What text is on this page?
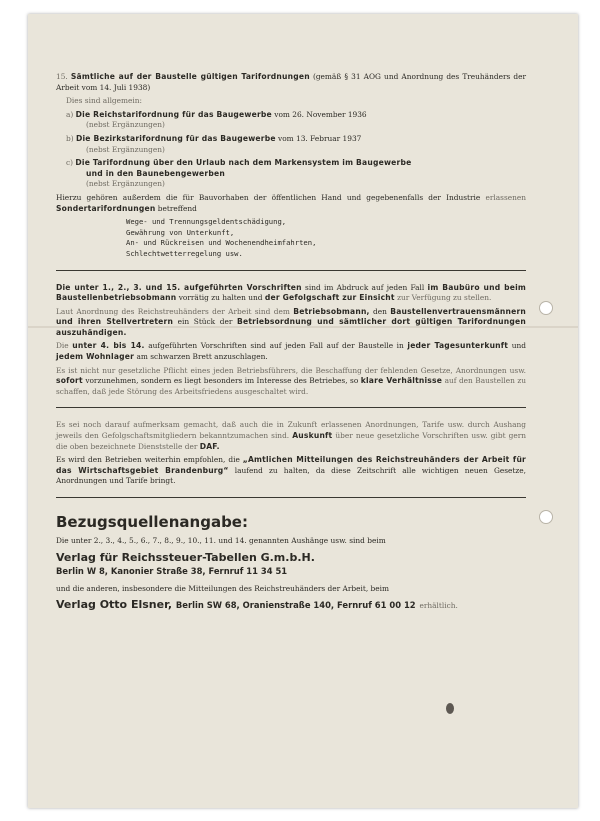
15. Sämtliche auf der Baustelle gültigen Tarifordnungen (gemäß § 31 AOG und Anordnung des Treuhänders der Arbeit vom 14. Juli 1938)

Dies sind allgemein:

a) Die Reichstarifordnung für das Baugewerbe vom 26. November 1936
(nebst Ergänzungen)

b) Die Bezirkstarifordnung für das Baugewerbe vom 13. Februar 1937
(nebst Ergänzungen)

c) Die Tarifordnung über den Urlaub nach dem Markensystem im Baugewerbe
und in den Baunebengewerben
(nebst Ergänzungen)

Hierzu gehören außerdem die für Bauvorhaben der öffentlichen Hand und gegebenenfalls der Industrie erlassenen Sondertarifordnungen betreffend

Wege- und Trennungsgeldentschädigung,
Gewährung von Unterkunft,
An- und Rückreisen und Wochenendheimfahrten,
Schlechtwetterregelung usw.

Die unter 1., 2., 3. und 15. aufgeführten Vorschriften sind im Abdruck auf jeden Fall im Baubüro und beim Baustellenbetriebsobmann vorrätig zu halten und der Gefolgschaft zur Einsicht zur Verfügung zu stellen.

Laut Anordnung des Reichstreuhänders der Arbeit sind dem Betriebsobmann, den Baustellenvertrauensmännern und ihren Stellvertretern ein Stück der Betriebsordnung und sämtlicher dort gültigen Tarifordnungen auszuhändigen.

Die unter 4. bis 14. aufgeführten Vorschriften sind auf jeden Fall auf der Baustelle in jeder Tagesunterkunft und jedem Wohnlager am schwarzen Brett anzuschlagen.

Es ist nicht nur gesetzliche Pflicht eines jeden Betriebsführers, die Beschaffung der fehlenden Gesetze, Anordnungen usw. sofort vorzunehmen, sondern es liegt besonders im Interesse des Betriebes, so klare Verhältnisse auf den Baustellen zu schaffen, daß jede Störung des Arbeitsfriedens ausgeschaltet wird.

Es sei noch darauf aufmerksam gemacht, daß auch die in Zukunft erlassenen Anordnungen, Tarife usw. durch Aushang jeweils den Gefolgschaftsmitgliedern bekanntzumachen sind. Auskunft über neue gesetzliche Vorschriften usw. gibt gern die oben bezeichnete Dienststelle der DAF.

Es wird den Betrieben weiterhin empfohlen, die „Amtlichen Mitteilungen des Reichstreuhänders der Arbeit für das Wirtschaftsgebiet Brandenburg“ laufend zu halten, da diese Zeitschrift alle wichtigen neuen Gesetze, Anordnungen und Tarife bringt.

Bezugsquellenangabe:

Die unter 2., 3., 4., 5., 6., 7., 8., 9., 10., 11. und 14. genannten Aushänge usw. sind beim

Verlag für Reichssteuer-Tabellen G.m.b.H.
Berlin W 8, Kanonier Straße 38, Fernruf 11 34 51

und die anderen, insbesondere die Mitteilungen des Reichstreuhänders der Arbeit, beim

Verlag Otto Elsner, Berlin SW 68, Oranienstraße 140, Fernruf 61 00 12 erhältlich.
